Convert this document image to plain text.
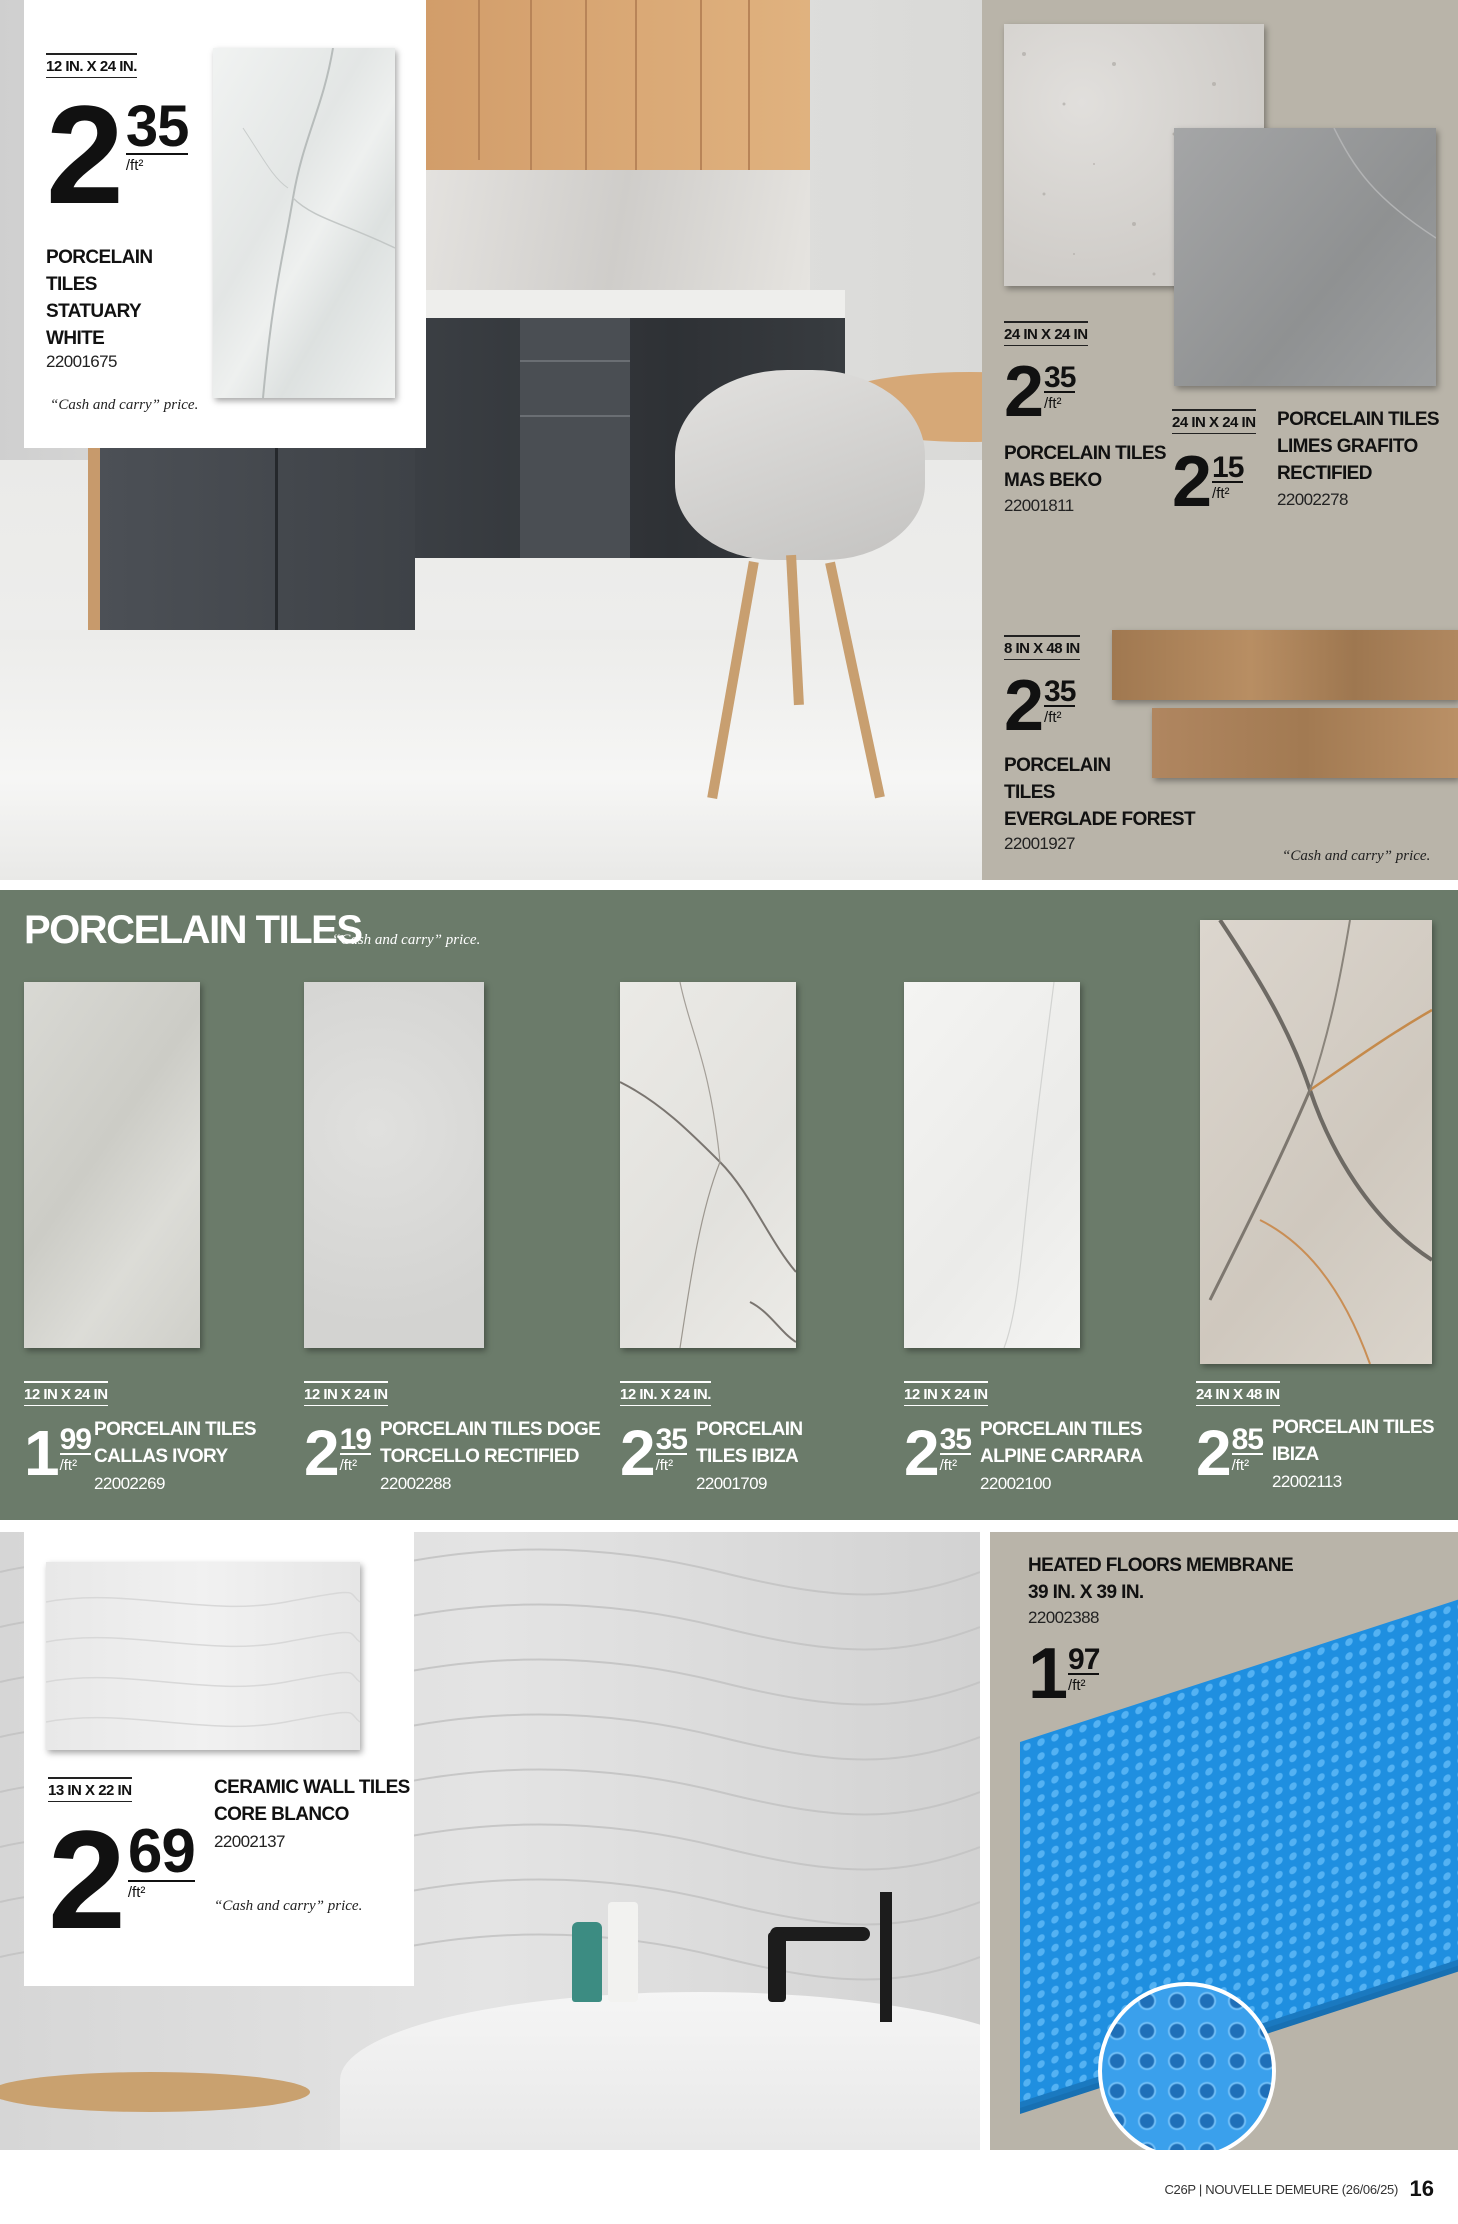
12 IN. X 24 IN.
2 35
/ft²
PORCELAIN
TILES
STATUARY
WHITE
22001675
“Cash and carry” price.
24 IN X 24 IN
2 35
/ft²
PORCELAIN TILES
MAS BEKO
22001811
24 IN X 24 IN
2 15
/ft²
PORCELAIN TILES
LIMES GRAFITO
RECTIFIED
22002278
8 IN X 48 IN
2 35
/ft²
PORCELAIN
TILES
EVERGLADE FOREST
22001927
“Cash and carry” price.
PORCELAIN TILES
“Cash and carry” price.
12 IN X 24 IN
1 99
/ft²
PORCELAIN TILES
CALLAS IVORY
22002269
12 IN X 24 IN
2 19
/ft²
PORCELAIN TILES DOGE
TORCELLO RECTIFIED
22002288
12 IN. X 24 IN.
2 35
/ft²
PORCELAIN
TILES IBIZA
22001709
12 IN X 24 IN
2 35
/ft²
PORCELAIN TILES
ALPINE CARRARA
22002100
24 IN X 48 IN
2 85
/ft²
PORCELAIN TILES
IBIZA
22002113
13 IN X 22 IN
2 69
/ft²
CERAMIC WALL TILES
CORE BLANCO
22002137
“Cash and carry” price.
HEATED FLOORS MEMBRANE
39 IN. X 39 IN.
22002388
1 97
/ft²
C26P | NOUVELLE DEMEURE (26/06/25) 16
